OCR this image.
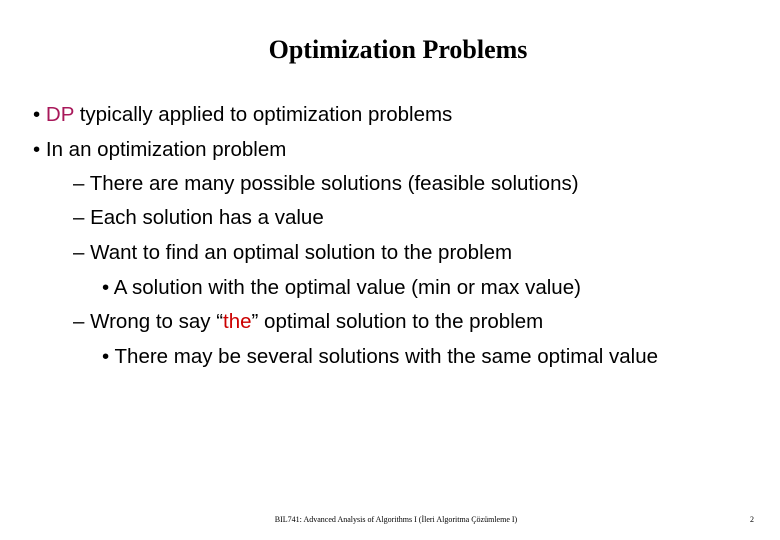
Optimization Problems
• DP typically applied to optimization problems
• In an optimization problem
– There are many possible solutions (feasible solutions)
– Each solution has a value
– Want to find an optimal solution to the problem
• A solution with the optimal value (min or max value)
– Wrong to say “the” optimal solution to the problem
• There may be several solutions with the same optimal value
BIL741: Advanced Analysis of Algorithms I (İleri Algoritma Çözümleme I)	2
